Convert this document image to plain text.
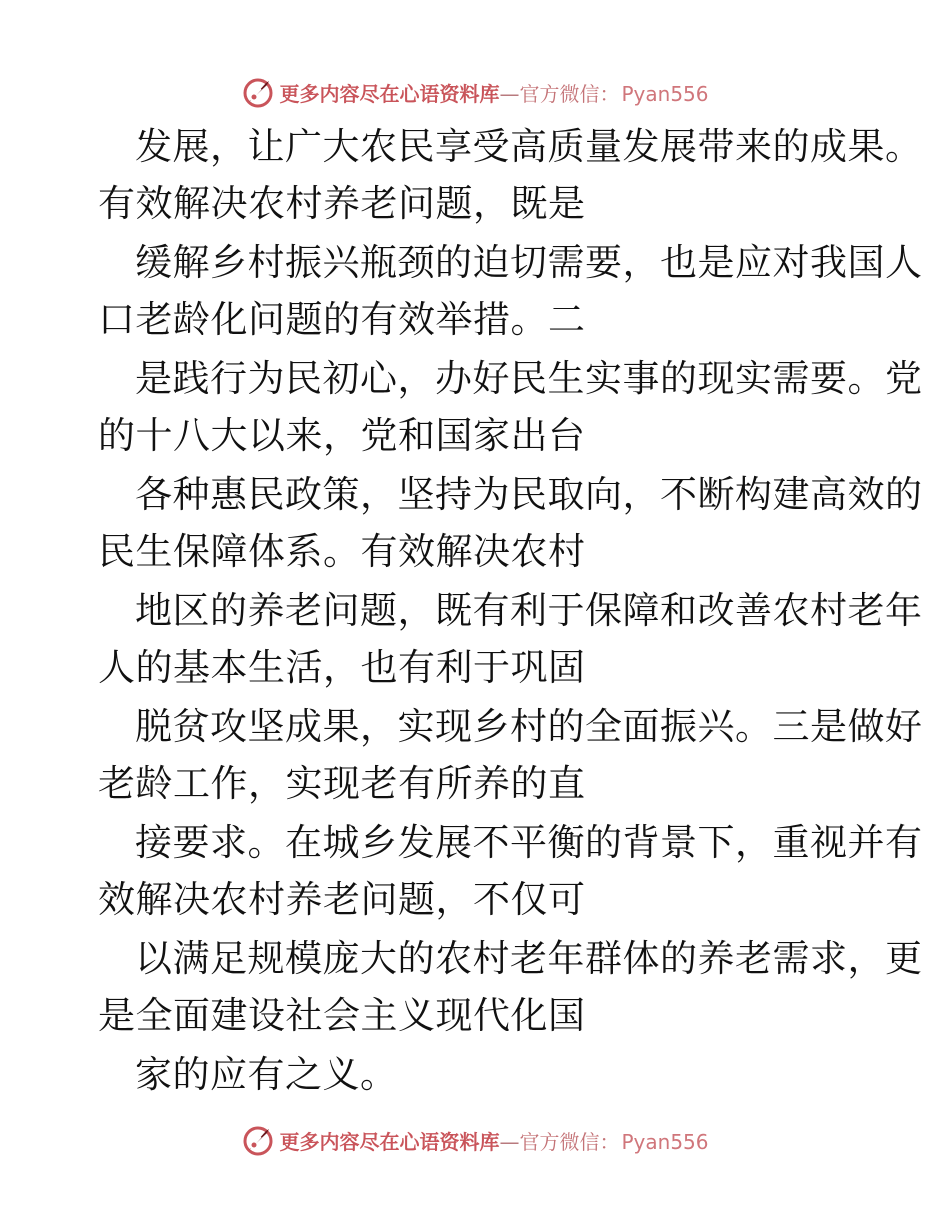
更多内容尽在心语资料库—官方微信： Pyan556
发展，让广大农民享受高质量发展带来的成果。
有效解决农村养老问题，既是
缓解乡村振兴瓶颈的迫切需要，也是应对我国人
口老龄化问题的有效举措。二
是践行为民初心，办好民生实事的现实需要。党
的十八大以来，党和国家出台
各种惠民政策，坚持为民取向，不断构建高效的
民生保障体系。有效解决农村
地区的养老问题，既有利于保障和改善农村老年
人的基本生活，也有利于巩固
脱贫攻坚成果，实现乡村的全面振兴。三是做好
老龄工作，实现老有所养的直
接要求。在城乡发展不平衡的背景下，重视并有
效解决农村养老问题，不仅可
以满足规模庞大的农村老年群体的养老需求，更
是全面建设社会主义现代化国
家的应有之义。
更多内容尽在心语资料库—官方微信： Pyan556
